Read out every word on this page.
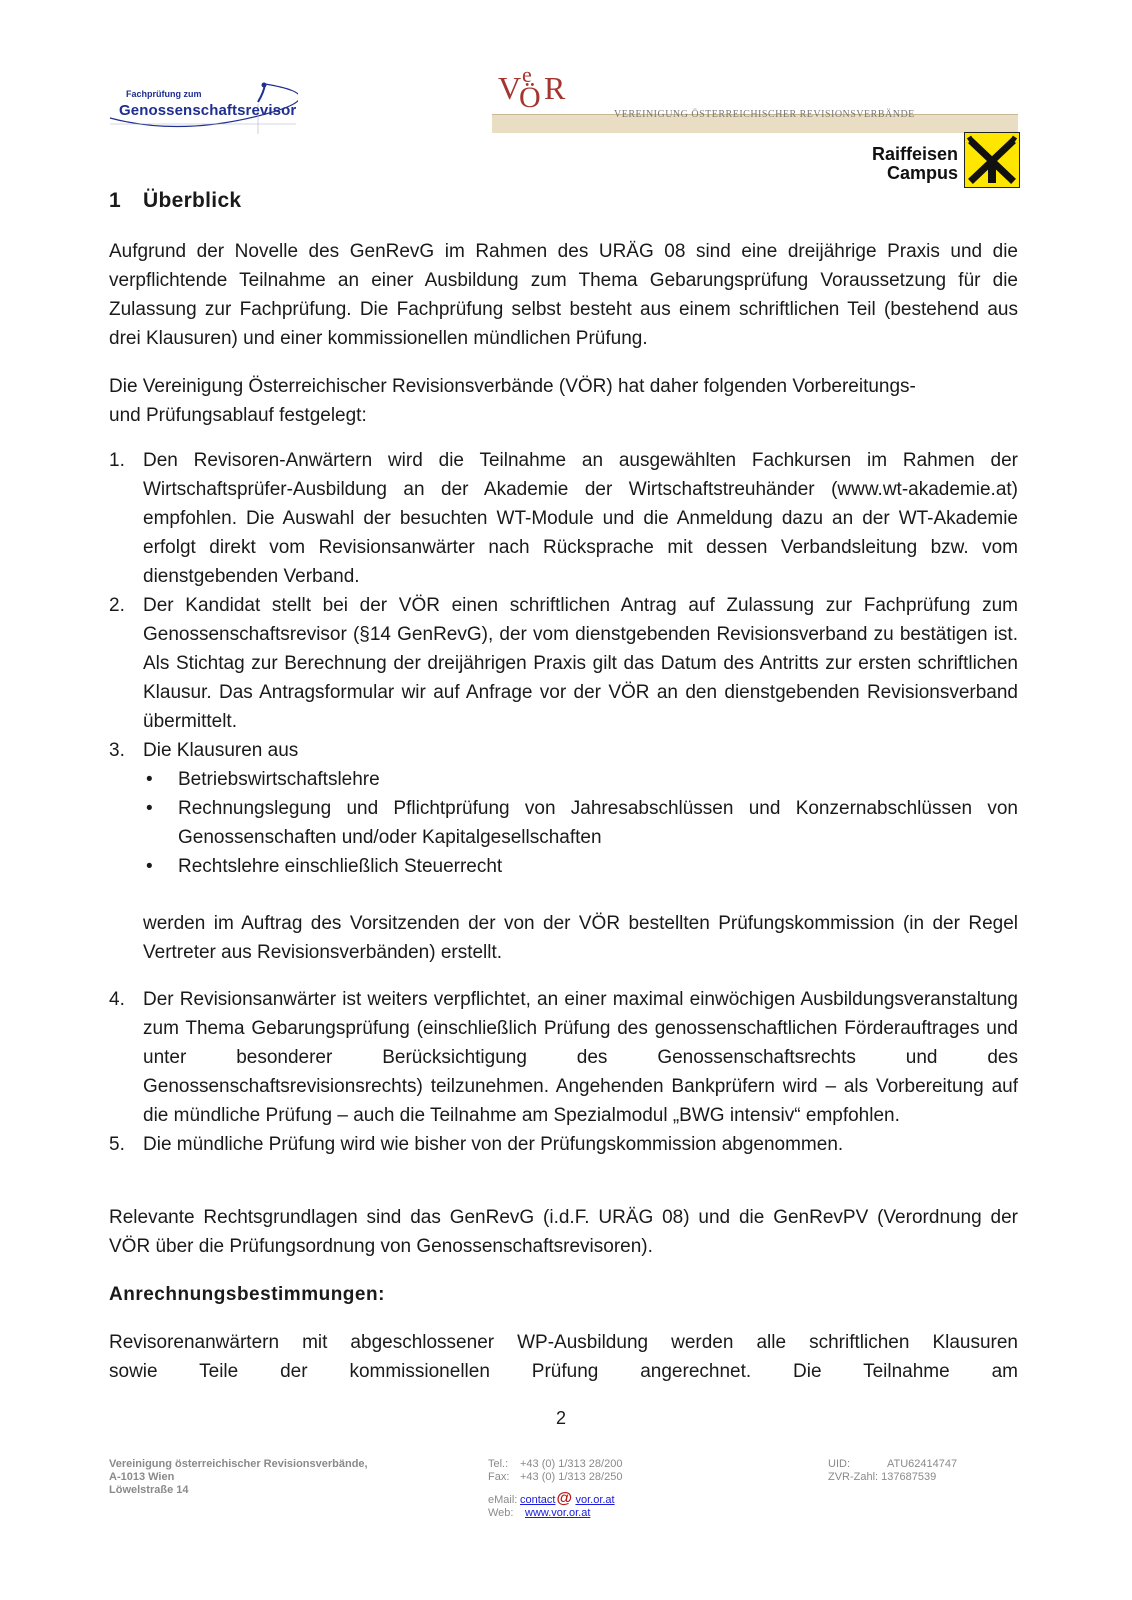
Fachprüfung zum
Genossenschaftsrevisor
V e
Ö R
VEREINIGUNG ÖSTERREICHISCHER REVISIONSVERBÄNDE
Raiffeisen
Campus
1 Überblick
Aufgrund der Novelle des GenRevG im Rahmen des URÄG 08 sind eine dreijährige Praxis und die verpflichtende Teilnahme an einer Ausbildung zum Thema Gebarungsprüfung Voraussetzung für die Zulassung zur Fachprüfung. Die Fachprüfung selbst besteht aus einem schriftlichen Teil (bestehend aus drei Klausuren) und einer kommissionellen mündlichen Prüfung.
Die Vereinigung Österreichischer Revisionsverbände (VÖR) hat daher folgenden Vorbereitungs-
und Prüfungsablauf festgelegt:
1. Den Revisoren-Anwärtern wird die Teilnahme an ausgewählten Fachkursen im Rahmen der Wirtschaftsprüfer-Ausbildung an der Akademie der Wirtschaftstreuhänder (www.wt-akademie.at) empfohlen. Die Auswahl der besuchten WT-Module und die Anmeldung dazu an der WT-Akademie erfolgt direkt vom Revisionsanwärter nach Rücksprache mit dessen Verbandsleitung bzw. vom dienstgebenden Verband.
2. Der Kandidat stellt bei der VÖR einen schriftlichen Antrag auf Zulassung zur Fachprüfung zum Genossenschaftsrevisor (§14 GenRevG), der vom dienstgebenden Revisionsverband zu bestätigen ist. Als Stichtag zur Berechnung der dreijährigen Praxis gilt das Datum des Antritts zur ersten schriftlichen Klausur. Das Antragsformular wir auf Anfrage vor der VÖR an den dienstgebenden Revisionsverband übermittelt.
3. Die Klausuren aus
• Betriebswirtschaftslehre
• Rechnungslegung und Pflichtprüfung von Jahresabschlüssen und Konzernabschlüssen von Genossenschaften und/oder Kapitalgesellschaften
• Rechtslehre einschließlich Steuerrecht
werden im Auftrag des Vorsitzenden der von der VÖR bestellten Prüfungskommission (in der Regel Vertreter aus Revisionsverbänden) erstellt.
4. Der Revisionsanwärter ist weiters verpflichtet, an einer maximal einwöchigen Ausbildungsveranstaltung zum Thema Gebarungsprüfung (einschließlich Prüfung des genossenschaftlichen Förderauftrages und unter besonderer Berücksichtigung des Genossenschaftsrechts und des Genossenschaftsrevisionsrechts) teilzunehmen. Angehenden Bankprüfern wird – als Vorbereitung auf die mündliche Prüfung – auch die Teilnahme am Spezialmodul „BWG intensiv“ empfohlen.
5. Die mündliche Prüfung wird wie bisher von der Prüfungskommission abgenommen.
Relevante Rechtsgrundlagen sind das GenRevG (i.d.F. URÄG 08) und die GenRevPV (Verordnung der VÖR über die Prüfungsordnung von Genossenschaftsrevisoren).
Anrechnungsbestimmungen:
Revisorenanwärtern mit abgeschlossener WP-Ausbildung werden alle schriftlichen Klausuren
sowie Teile der kommissionellen Prüfung angerechnet. Die Teilnahme am
2
Vereinigung österreichischer Revisionsverbände,
A-1013 Wien
Löwelstraße 14
Tel.: +43 (0) 1/313 28/200
Fax: +43 (0) 1/313 28/250
eMail: contact @ vor.or.at
Web: www.vor.or.at
UID:	ATU62414747
ZVR-Zahl: 137687539
